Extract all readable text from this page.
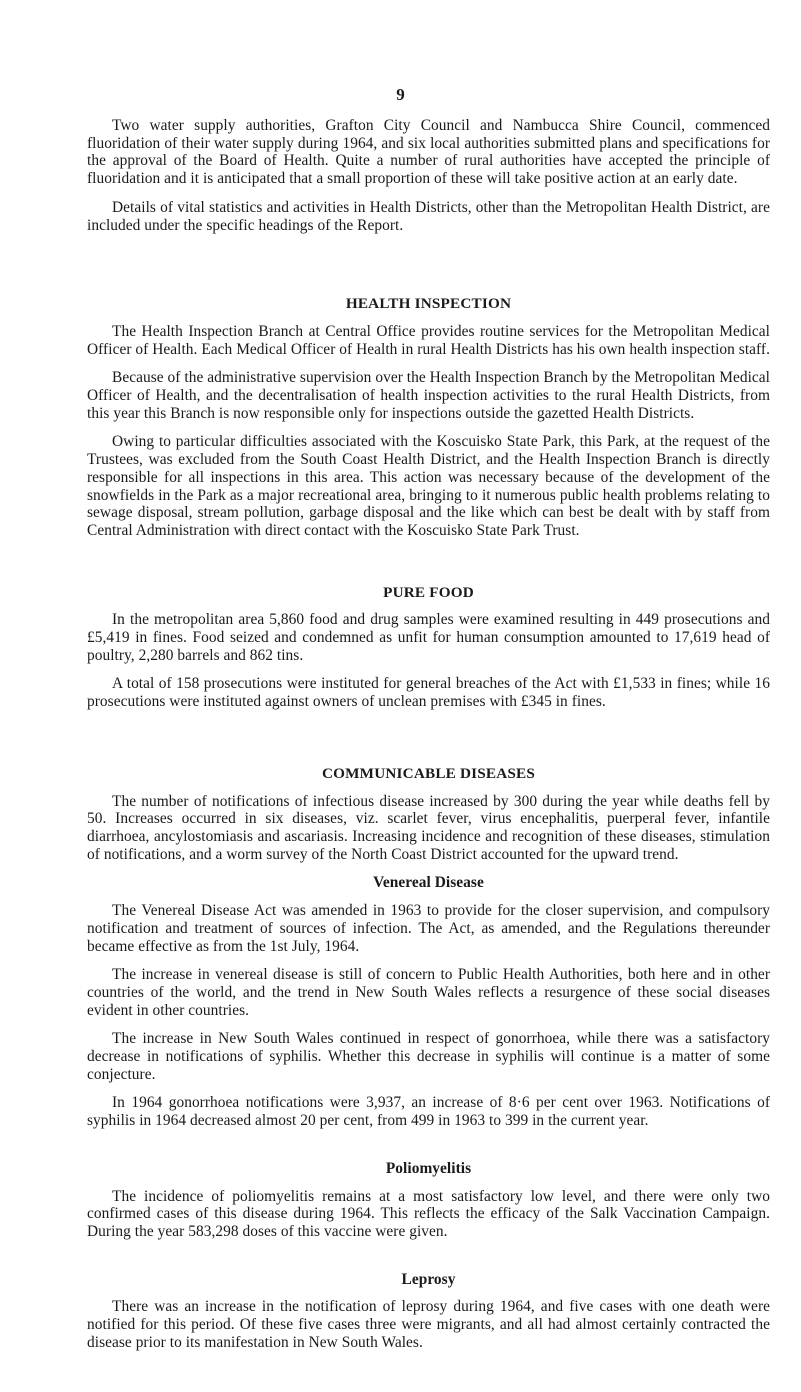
9

Two water supply authorities, Grafton City Council and Nambucca Shire Council, commenced fluoridation of their water supply during 1964, and six local authorities submitted plans and specifications for the approval of the Board of Health. Quite a number of rural authorities have accepted the principle of fluoridation and it is anticipated that a small proportion of these will take positive action at an early date.

Details of vital statistics and activities in Health Districts, other than the Metropolitan Health District, are included under the specific headings of the Report.

HEALTH INSPECTION

The Health Inspection Branch at Central Office provides routine services for the Metropolitan Medical Officer of Health. Each Medical Officer of Health in rural Health Districts has his own health inspection staff.

Because of the administrative supervision over the Health Inspection Branch by the Metropolitan Medical Officer of Health, and the decentralisation of health inspection activities to the rural Health Districts, from this year this Branch is now responsible only for inspections outside the gazetted Health Districts.

Owing to particular difficulties associated with the Koscuisko State Park, this Park, at the request of the Trustees, was excluded from the South Coast Health District, and the Health Inspection Branch is directly responsible for all inspections in this area. This action was necessary because of the development of the snowfields in the Park as a major recreational area, bringing to it numerous public health problems relating to sewage disposal, stream pollution, garbage disposal and the like which can best be dealt with by staff from Central Administration with direct contact with the Koscuisko State Park Trust.

PURE FOOD

In the metropolitan area 5,860 food and drug samples were examined resulting in 449 prosecutions and £5,419 in fines. Food seized and condemned as unfit for human consumption amounted to 17,619 head of poultry, 2,280 barrels and 862 tins.

A total of 158 prosecutions were instituted for general breaches of the Act with £1,533 in fines; while 16 prosecutions were instituted against owners of unclean premises with £345 in fines.

COMMUNICABLE DISEASES

The number of notifications of infectious disease increased by 300 during the year while deaths fell by 50. Increases occurred in six diseases, viz. scarlet fever, virus encephalitis, puerperal fever, infantile diarrhoea, ancylostomiasis and ascariasis. Increasing incidence and recognition of these diseases, stimulation of notifications, and a worm survey of the North Coast District accounted for the upward trend.

Venereal Disease

The Venereal Disease Act was amended in 1963 to provide for the closer supervision, and compulsory notification and treatment of sources of infection. The Act, as amended, and the Regulations thereunder became effective as from the 1st July, 1964.

The increase in venereal disease is still of concern to Public Health Authorities, both here and in other countries of the world, and the trend in New South Wales reflects a resurgence of these social diseases evident in other countries.

The increase in New South Wales continued in respect of gonorrhoea, while there was a satisfactory decrease in notifications of syphilis. Whether this decrease in syphilis will continue is a matter of some conjecture.

In 1964 gonorrhoea notifications were 3,937, an increase of 8·6 per cent over 1963. Notifications of syphilis in 1964 decreased almost 20 per cent, from 499 in 1963 to 399 in the current year.

Poliomyelitis

The incidence of poliomyelitis remains at a most satisfactory low level, and there were only two confirmed cases of this disease during 1964. This reflects the efficacy of the Salk Vaccination Campaign. During the year 583,298 doses of this vaccine were given.

Leprosy

There was an increase in the notification of leprosy during 1964, and five cases with one death were notified for this period. Of these five cases three were migrants, and all had almost certainly contracted the disease prior to its manifestation in New South Wales.
